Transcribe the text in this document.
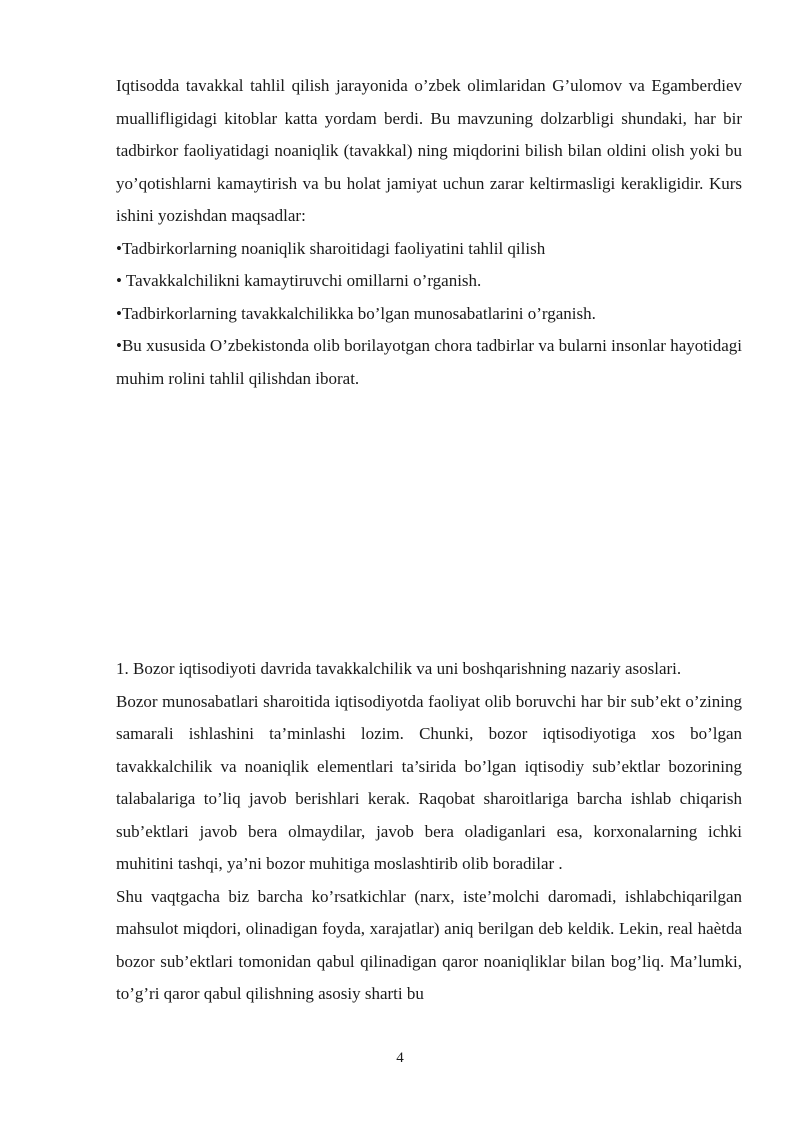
Iqtisodda tavakkal tahlil qilish jarayonida o’zbek olimlaridan G’ulomov va Egamberdiev muallifligidagi kitoblar katta yordam berdi. Bu mavzuning dolzarbligi shundaki, har bir tadbirkor faoliyatidagi noaniqlik (tavakkal) ning miqdorini bilish bilan oldini olish yoki bu yo’qotishlarni kamaytirish va bu holat jamiyat uchun zarar keltirmasligi kerakligidir. Kurs ishini yozishdan maqsadlar:

•Tadbirkorlarning noaniqlik sharoitidagi faoliyatini tahlil qilish

• Tavakkalchilikni kamaytiruvchi omillarni o’rganish.

•Tadbirkorlarning tavakkalchilikka bo’lgan munosabatlarini o’rganish.

•Bu xususida O’zbekistonda olib borilayotgan chora tadbirlar va bularni insonlar hayotidagi muhim rolini tahlil qilishdan iborat.

1. Bozor iqtisodiyoti davrida tavakkalchilik va uni boshqarishning nazariy asoslari.

Bozor munosabatlari sharoitida iqtisodiyotda faoliyat olib boruvchi har bir sub’ekt o’zining samarali ishlashini ta’minlashi lozim. Chunki, bozor iqtisodiyotiga xos bo’lgan tavakkalchilik va noaniqlik elementlari ta’sirida bo’lgan iqtisodiy sub’ektlar bozorining talabalariga to’liq javob berishlari kerak. Raqobat sharoitlariga barcha ishlab chiqarish sub’ektlari javob bera olmaydilar, javob bera oladiganlari esa, korxonalarning ichki muhitini tashqi, ya’ni bozor muhitiga moslashtirib olib boradilar .

Shu vaqtgacha biz barcha ko’rsatkichlar (narx, iste’molchi daromadi, ishlabchiqarilgan mahsulot miqdori, olinadigan foyda, xarajatlar) aniq berilgan deb keldik. Lekin, real haètda bozor sub’ektlari tomonidan qabul qilinadigan qaror noaniqliklar bilan bog’liq. Ma’lumki, to’g’ri qaror qabul qilishning asosiy sharti bu

4
